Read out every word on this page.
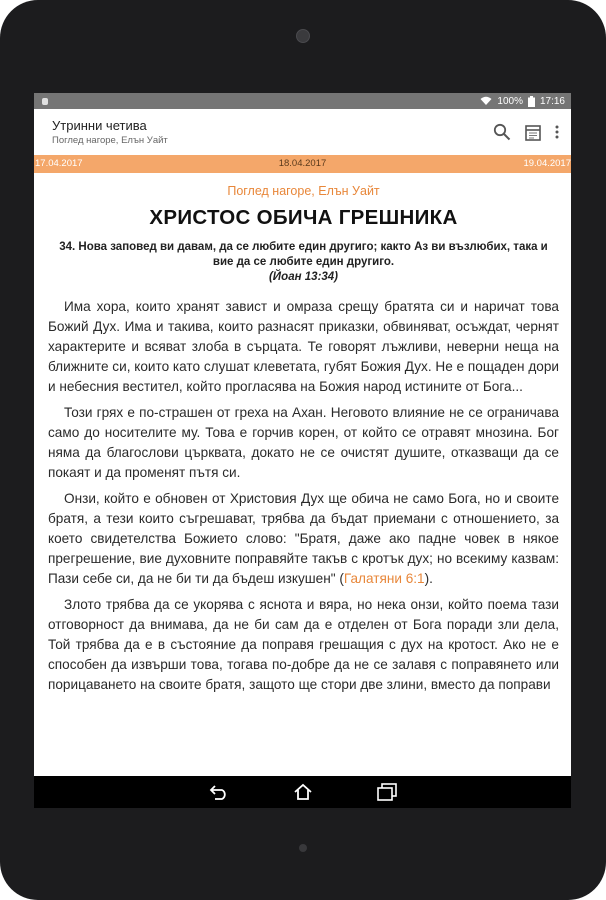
100% 17:16
Утринни четива
Поглед нагоре, Елън Уайт
17.04.2017	18.04.2017	19.04.2017
Поглед нагоре, Елън Уайт
ХРИСТОС ОБИЧА ГРЕШНИКА
34. Нова заповед ви давам, да се любите един другиго; както Аз ви възлюбих, така и вие да се любите един другиго.
(Йоан 13:34)

Има хора, които хранят завист и омраза срещу братята си и наричат това Божий Дух. Има и такива, които разнасят приказки, обвиняват, осъждат, чернят характерите и всяват злоба в сърцата. Те говорят лъжливи, неверни неща на ближните си, които като слушат клеветата, губят Божия Дух. Не е пощаден дори и небесния вестител, който прогласява на Божия народ истините от Бога...

Този грях е по-страшен от греха на Ахан. Неговото влияние не се ограничава само до носителите му. Това е горчив корен, от който се отравят мнозина. Бог няма да благослови църквата, докато не се очистят душите, отказващи да се покаят и да променят пътя си.

Онзи, който е обновен от Христовия Дух ще обича не само Бога, но и своите братя, а тези които съгрешават, трябва да бъдат приемани с отношението, за което свидетелства Божието слово: "Братя, даже ако падне човек в някое прегрешение, вие духовните поправяйте такъв с кротък дух; но всекиму казвам: Пази себе си, да не би ти да бъдеш изкушен" (Галатяни 6:1).

Злото трябва да се укорява с яснота и вяра, но нека онзи, който поема тази отговорност да внимава, да не би сам да е отделен от Бога поради зли дела, Той трябва да е в състояние да поправя грешащия с дух на кротост. Ако не е способен да извърши това, тогава по-добре да не се залавя с поправянето или порицаването на своите братя, защото ще стори две злини, вместо да поправи
